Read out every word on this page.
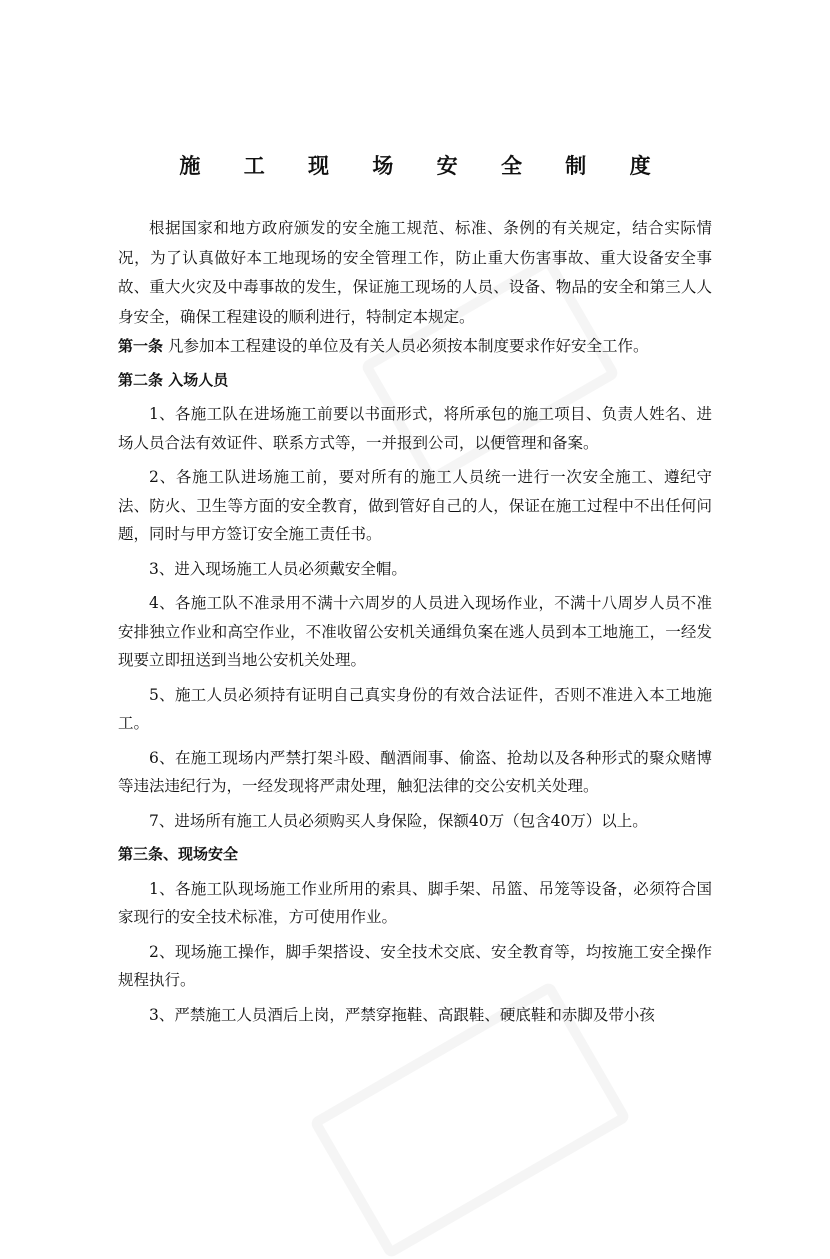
施 工 现 场 安 全 制 度

根据国家和地方政府颁发的安全施工规范、标准、条例的有关规定，结合实际情况，为了认真做好本工地现场的安全管理工作，防止重大伤害事故、重大设备安全事故、重大火灾及中毒事故的发生，保证施工现场的人员、设备、物品的安全和第三人人身安全，确保工程建设的顺利进行，特制定本规定。

第一条 凡参加本工程建设的单位及有关人员必须按本制度要求作好安全工作。

第二条 入场人员

1、各施工队在进场施工前要以书面形式，将所承包的施工项目、负责人姓名、进场人员合法有效证件、联系方式等，一并报到公司，以便管理和备案。

2、各施工队进场施工前，要对所有的施工人员统一进行一次安全施工、遵纪守法、防火、卫生等方面的安全教育，做到管好自己的人，保证在施工过程中不出任何问题，同时与甲方签订安全施工责任书。

3、进入现场施工人员必须戴安全帽。

4、各施工队不准录用不满十六周岁的人员进入现场作业，不满十八周岁人员不准安排独立作业和高空作业，不准收留公安机关通缉负案在逃人员到本工地施工，一经发现要立即扭送到当地公安机关处理。

5、施工人员必须持有证明自己真实身份的有效合法证件，否则不准进入本工地施工。

6、在施工现场内严禁打架斗殴、酗酒闹事、偷盗、抢劫以及各种形式的聚众赌博等违法违纪行为，一经发现将严肃处理，触犯法律的交公安机关处理。

7、进场所有施工人员必须购买人身保险，保额40万（包含40万）以上。

第三条、现场安全

1、各施工队现场施工作业所用的索具、脚手架、吊篮、吊笼等设备，必须符合国家现行的安全技术标准，方可使用作业。

2、现场施工操作，脚手架搭设、安全技术交底、安全教育等，均按施工安全操作规程执行。

3、严禁施工人员酒后上岗，严禁穿拖鞋、高跟鞋、硬底鞋和赤脚及带小孩
